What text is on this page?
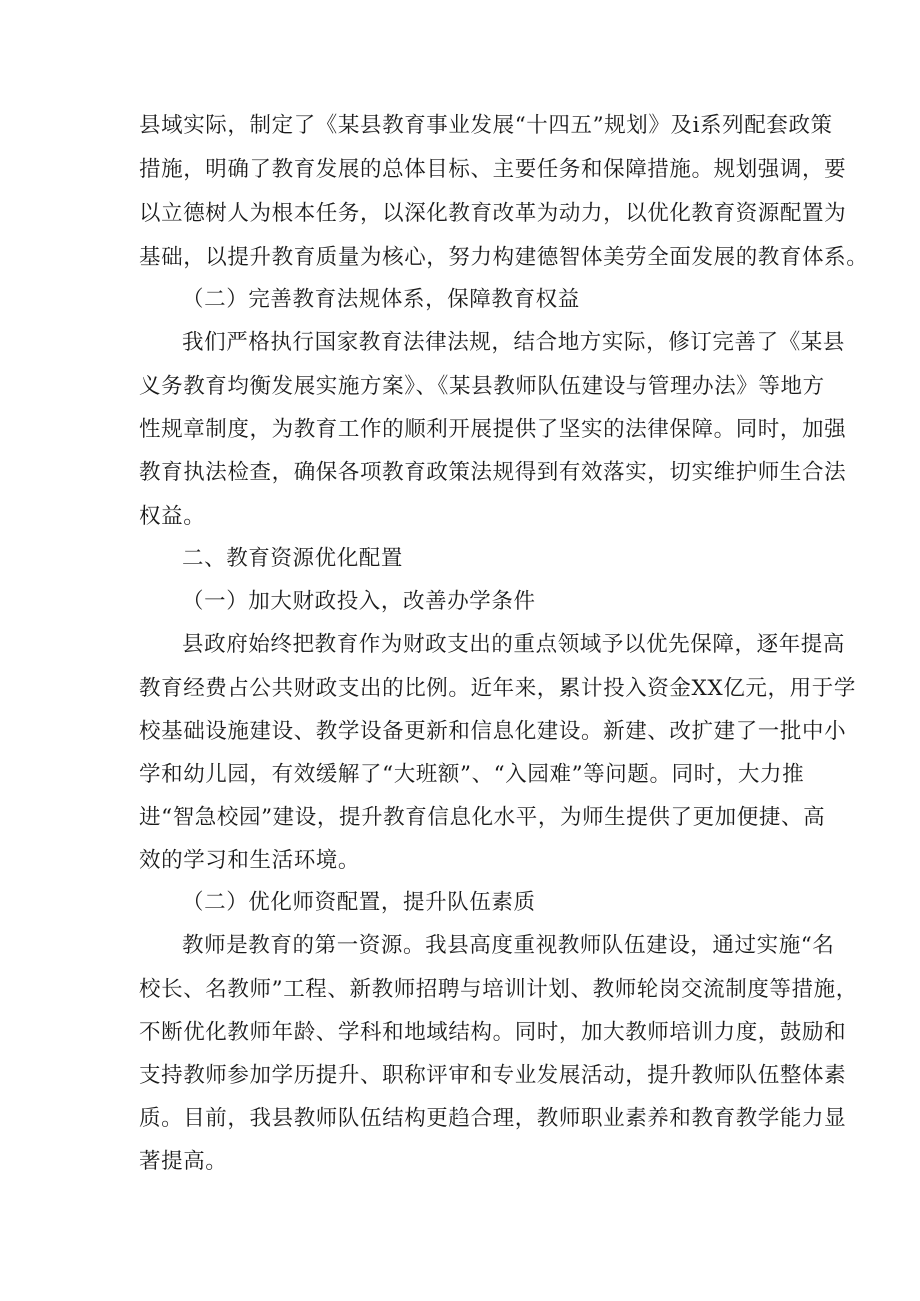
县域实际，制定了《某县教育事业发展“十四五”规划》及i系列配套政策
措施，明确了教育发展的总体目标、主要任务和保障措施。规划强调，要
以立德树人为根本任务，以深化教育改革为动力，以优化教育资源配置为
基础，以提升教育质量为核心，努力构建德智体美劳全面发展的教育体系。
（二）完善教育法规体系，保障教育权益
我们严格执行国家教育法律法规，结合地方实际，修订完善了《某县
义务教育均衡发展实施方案》、《某县教师队伍建设与管理办法》等地方
性规章制度，为教育工作的顺利开展提供了坚实的法律保障。同时，加强
教育执法检查，确保各项教育政策法规得到有效落实，切实维护师生合法
权益。
二、教育资源优化配置
（一）加大财政投入，改善办学条件
县政府始终把教育作为财政支出的重点领域予以优先保障，逐年提高
教育经费占公共财政支出的比例。近年来，累计投入资金XX亿元，用于学
校基础设施建设、教学设备更新和信息化建设。新建、改扩建了一批中小
学和幼儿园，有效缓解了“大班额”、“入园难”等问题。同时，大力推
进“智急校园”建设，提升教育信息化水平，为师生提供了更加便捷、高
效的学习和生活环境。
（二）优化师资配置，提升队伍素质
教师是教育的第一资源。我县高度重视教师队伍建设，通过实施“名
校长、名教师”工程、新教师招聘与培训计划、教师轮岗交流制度等措施，
不断优化教师年龄、学科和地域结构。同时，加大教师培训力度，鼓励和
支持教师参加学历提升、职称评审和专业发展活动，提升教师队伍整体素
质。目前，我县教师队伍结构更趋合理，教师职业素养和教育教学能力显
著提高。
